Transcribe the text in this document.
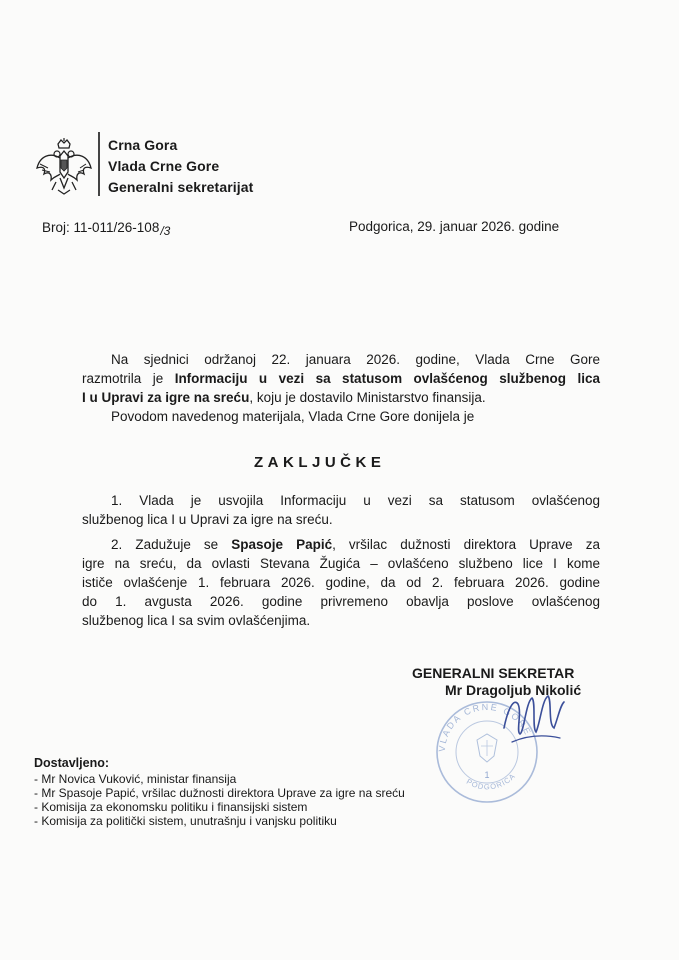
Crna Gora
Vlada Crne Gore
Generalni sekretarijat
Broj: 11-011/26-108/3	Podgorica, 29. januar 2026. godine
Na sjednici održanoj 22. januara 2026. godine, Vlada Crne Gore
razmotrila je Informaciju u vezi sa statusom ovlašćenog službenog lica
I u Upravi za igre na sreću, koju je dostavilo Ministarstvo finansija.
Povodom navedenog materijala, Vlada Crne Gore donijela je
ZAKLJUČKE
1. Vlada je usvojila Informaciju u vezi sa statusom ovlašćenog
službenog lica I u Upravi za igre na sreću.
2. Zadužuje se Spasoje Papić, vršilac dužnosti direktora Uprave za
igre na sreću, da ovlasti Stevana Žugića – ovlašćeno službeno lice I kome
ističe ovlašćenje 1. februara 2026. godine, da od 2. februara 2026. godine
do 1. avgusta 2026. godine privremeno obavlja poslove ovlašćenog
službenog lica I sa svim ovlašćenjima.
VLADA CRNE GORE
PODGORICA
1
GENERALNI SEKRETAR
Mr Dragoljub Nikolić
Dostavljeno:
- Mr Novica Vuković, ministar finansija
- Mr Spasoje Papić, vršilac dužnosti direktora Uprave za igre na sreću
- Komisija za ekonomsku politiku i finansijski sistem
- Komisija za politički sistem, unutrašnju i vanjsku politiku
